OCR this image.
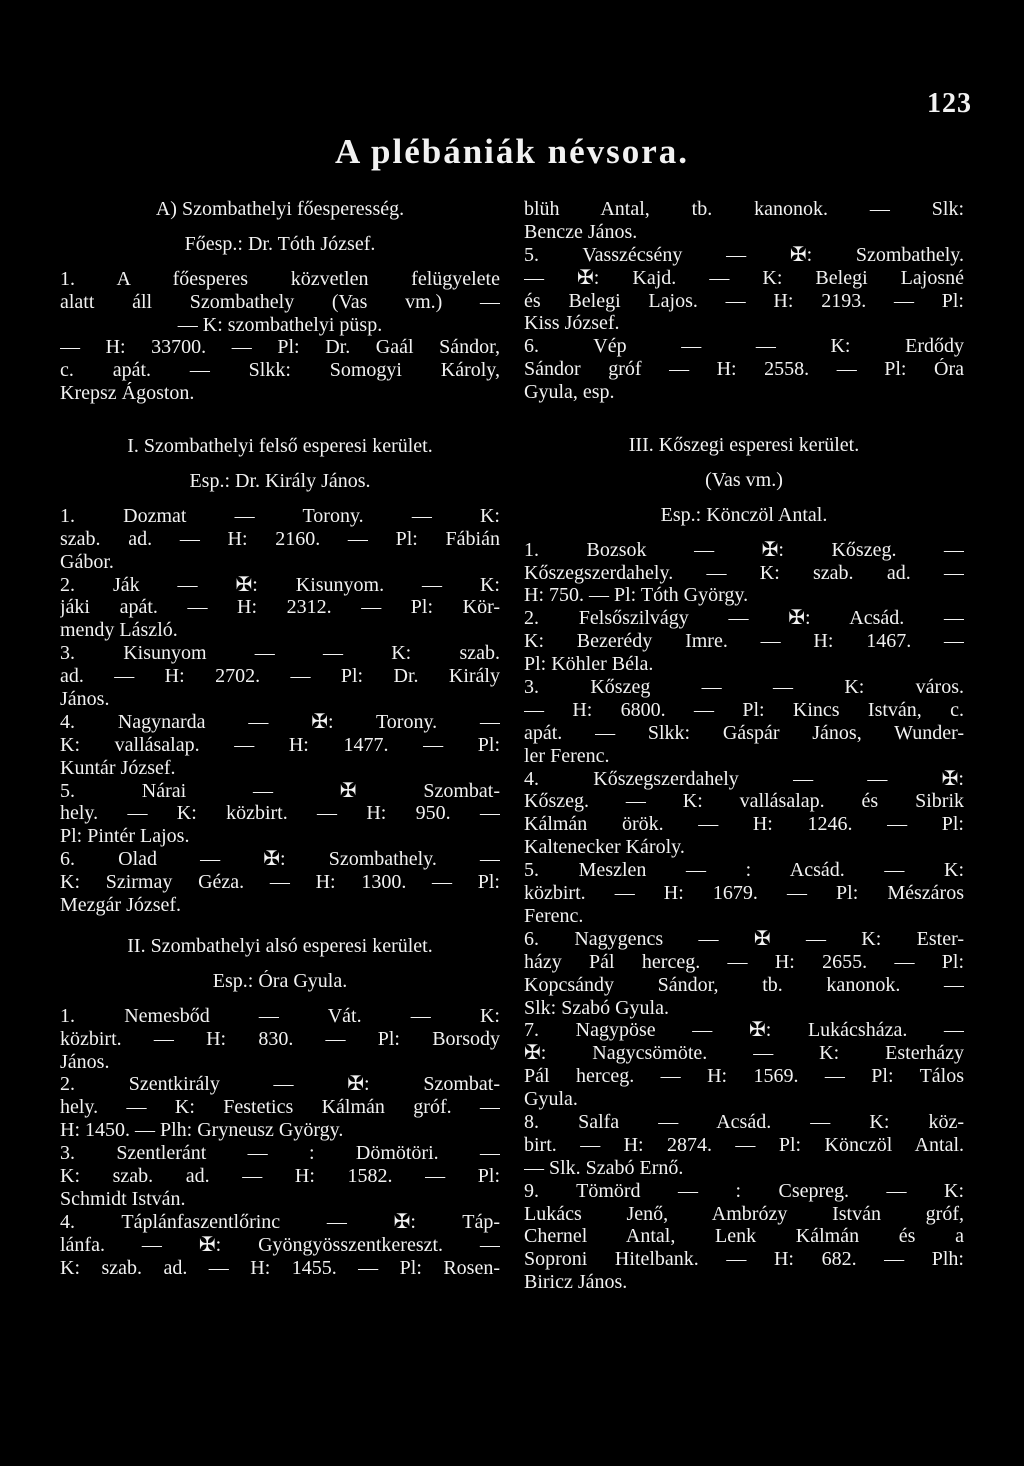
123
A plébániák névsora.
A) Szombathelyi főesperesség.
Főesp.: Dr. Tóth József.
1. A főesperes közvetlen felügyelete
alatt áll Szombathely (Vas vm.) —
— K: szombathelyi püsp.
— H: 33700. — Pl: Dr. Gaál Sándor,
c. apát. — Slkk: Somogyi Károly,
Krepsz Ágoston.
I. Szombathelyi felső esperesi kerület.
Esp.: Dr. Király János.
1. Dozmat — Torony. — K:
szab. ad. — H: 2160. — Pl: Fábián
Gábor.
2. Ják — ✠: Kisunyom. — K:
jáki apát. — H: 2312. — Pl: Kör-
mendy László.
3. Kisunyom — — K: szab.
ad. — H: 2702. — Pl: Dr. Király
János.
4. Nagynarda — ✠: Torony. —
K: vallásalap. — H: 1477. — Pl:
Kuntár József.
5. Nárai — ✠ Szombat-
hely. — K: közbirt. — H: 950. —
Pl: Pintér Lajos.
6. Olad — ✠: Szombathely. —
K: Szirmay Géza. — H: 1300. — Pl:
Mezgár József.
II. Szombathelyi alsó esperesi kerület.
Esp.: Óra Gyula.
1. Nemesbőd — Vát. — K:
közbirt. — H: 830. — Pl: Borsody
János.
2. Szentkirály — ✠: Szombat-
hely. — K: Festetics Kálmán gróf. —
H: 1450. — Plh: Gryneusz György.
3. Szentleránt — : Dömötöri. —
K: szab. ad. — H: 1582. — Pl:
Schmidt István.
4. Táplánfaszentlőrinc — ✠: Táp-
lánfa. — ✠: Gyöngyösszentkereszt. —
K: szab. ad. — H: 1455. — Pl: Rosen-
blüh Antal, tb. kanonok. — Slk:
Bencze János.
5. Vasszécsény — ✠: Szombathely.
— ✠: Kajd. — K: Belegi Lajosné
és Belegi Lajos. — H: 2193. — Pl:
Kiss József.
6. Vép — — K: Erdődy
Sándor gróf — H: 2558. — Pl: Óra
Gyula, esp.
III. Kőszegi esperesi kerület.
(Vas vm.)
Esp.: Könczöl Antal.
1. Bozsok — ✠: Kőszeg. —
Kőszegszerdahely. — K: szab. ad. —
H: 750. — Pl: Tóth György.
2. Felsőszilvágy — ✠: Acsád. —
K: Bezerédy Imre. — H: 1467. —
Pl: Köhler Béla.
3. Kőszeg — — K: város.
— H: 6800. — Pl: Kincs István, c.
apát. — Slkk: Gáspár János, Wunder-
ler Ferenc.
4. Kőszegszerdahely — — ✠:
Kőszeg. — K: vallásalap. és Sibrik
Kálmán örök. — H: 1246. — Pl:
Kaltenecker Károly.
5. Meszlen — : Acsád. — K:
közbirt. — H: 1679. — Pl: Mészáros
Ferenc.
6. Nagygencs — ✠ — K: Ester-
házy Pál herceg. — H: 2655. — Pl:
Kopcsándy Sándor, tb. kanonok. —
Slk: Szabó Gyula.
7. Nagypöse — ✠: Lukácsháza. —
✠: Nagycsömöte. — K: Esterházy
Pál herceg. — H: 1569. — Pl: Tálos
Gyula.
8. Salfa — Acsád. — K: köz-
birt. — H: 2874. — Pl: Könczöl Antal.
— Slk. Szabó Ernő.
9. Tömörd — : Csepreg. — K:
Lukács Jenő, Ambrózy István gróf,
Chernel Antal, Lenk Kálmán és a
Soproni Hitelbank. — H: 682. — Plh:
Biricz János.
